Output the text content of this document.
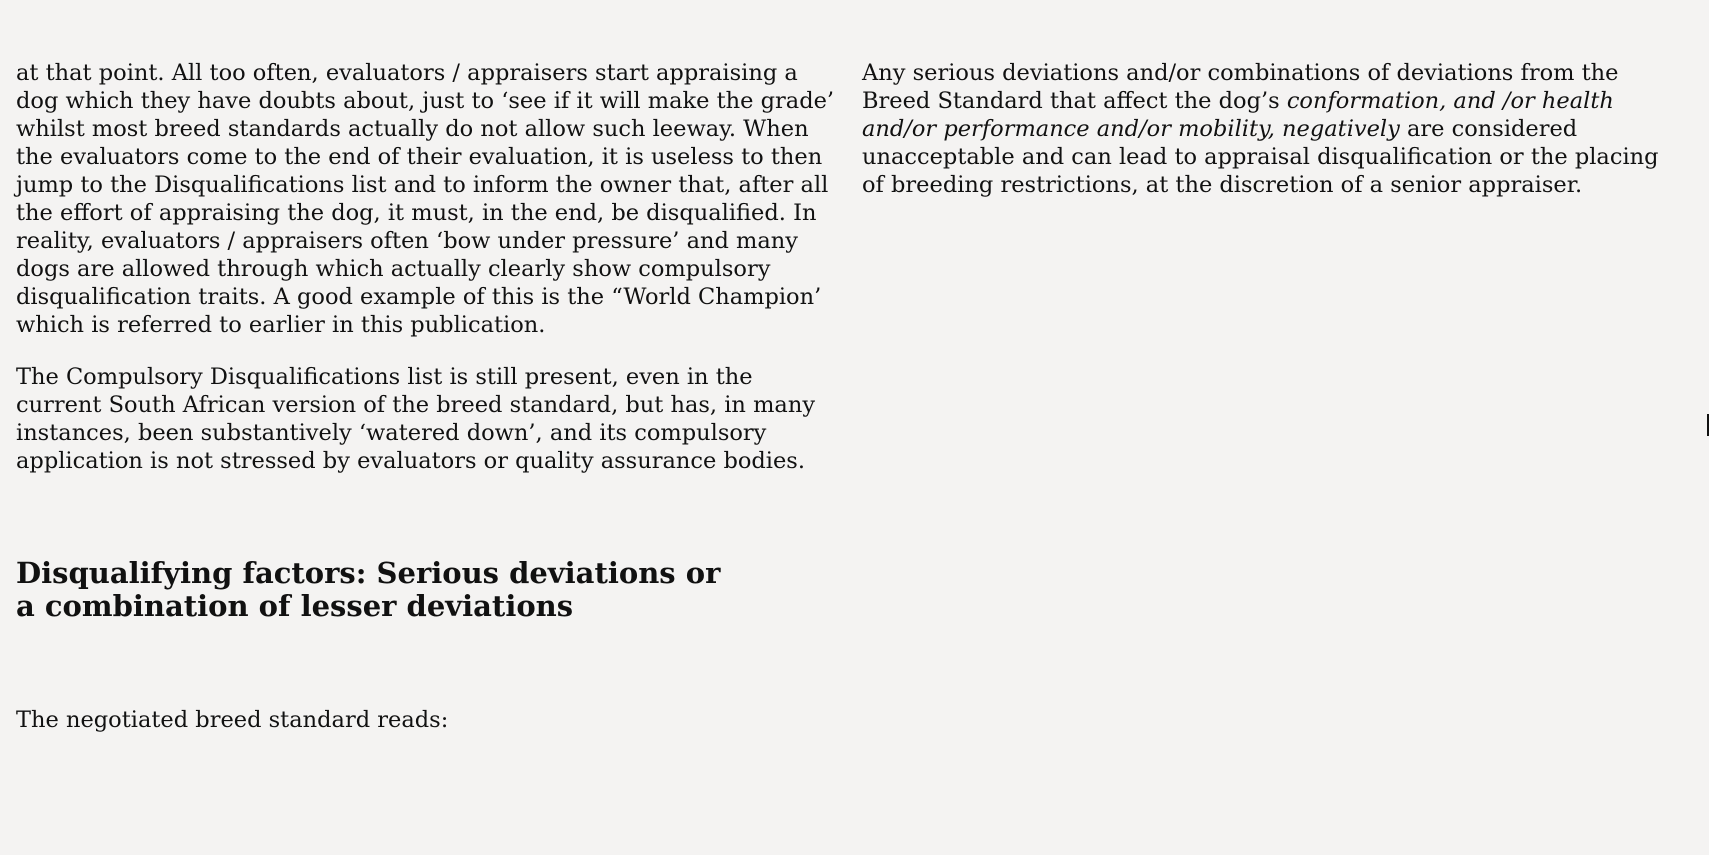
at that point. All too often, evaluators / appraisers start appraising a dog which they have doubts about, just to ‘see if it will make the grade’ whilst most breed standards actually do not allow such leeway. When the evaluators come to the end of their evaluation, it is useless to then jump to the Disqualifications list and to inform the owner that, after all the effort of appraising the dog, it must, in the end, be disqualified. In reality, evaluators / appraisers often ‘bow under pressure’ and many dogs are allowed through which actually clearly show compulsory disqualification traits. A good example of this is the “World Champion’ which is referred to earlier in this publication.

The Compulsory Disqualifications list is still present, even in the current South African version of the breed standard, but has, in many instances, been substantively ‘watered down’, and its compulsory application is not stressed by evaluators or quality assurance bodies.

Disqualifying factors: Serious deviations or a combination of lesser deviations

The negotiated breed standard reads:

Any serious deviations and/or combinations of deviations from the Breed Standard that affect the dog’s conformation, and /or health and/or performance and/or mobility, negatively are considered unacceptable and can lead to appraisal disqualification or the placing of breeding restrictions, at the discretion of a senior appraiser.
